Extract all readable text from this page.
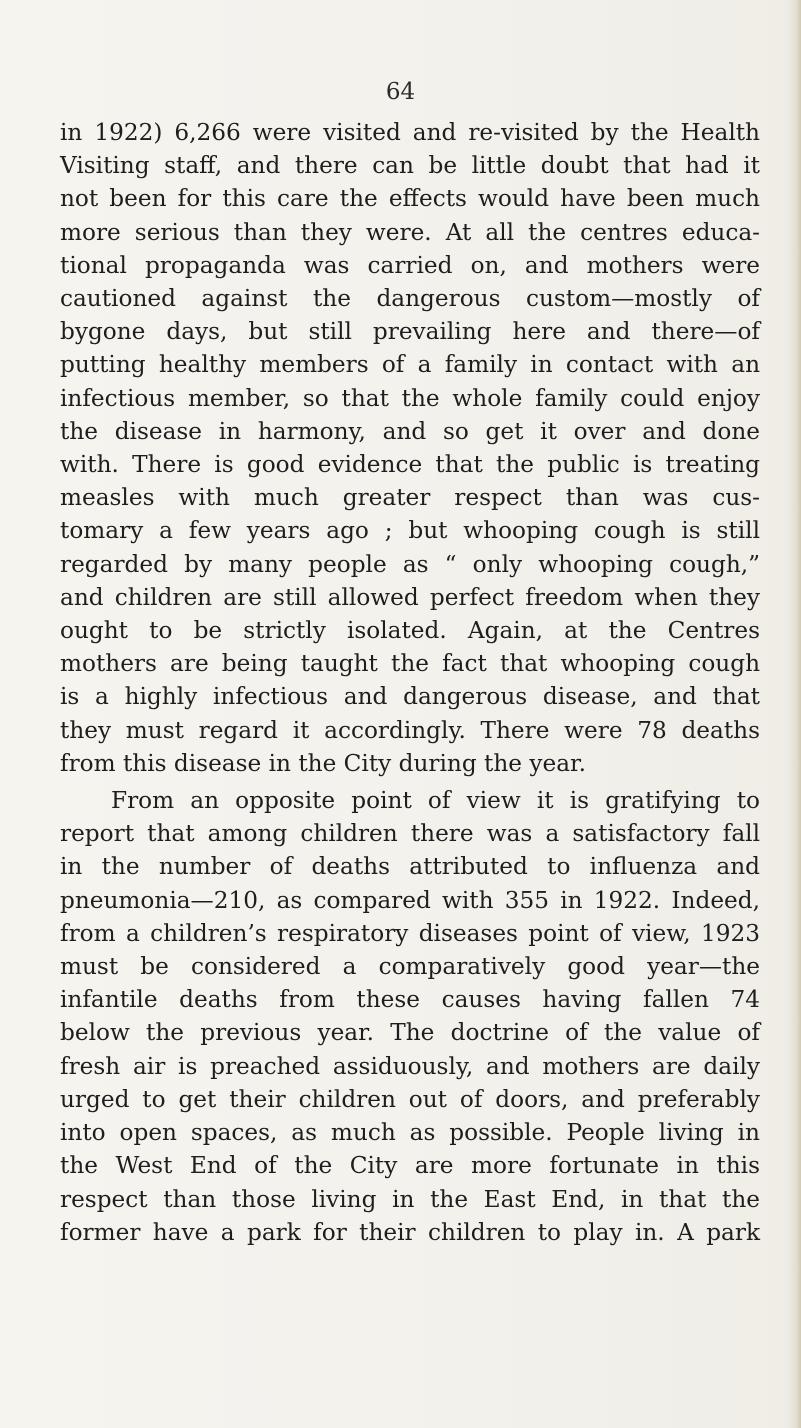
64

in 1922) 6,266 were visited and re-visited by the Health
Visiting staff, and there can be little doubt that had it
not been for this care the effects would have been much
more serious than they were. At all the centres educa-
tional propaganda was carried on, and mothers were
cautioned against the dangerous custom—mostly of
bygone days, but still prevailing here and there—of
putting healthy members of a family in contact with an
infectious member, so that the whole family could enjoy
the disease in harmony, and so get it over and done
with. There is good evidence that the public is treating
measles with much greater respect than was cus-
tomary a few years ago ; but whooping cough is still
regarded by many people as “ only whooping cough,”
and children are still allowed perfect freedom when they
ought to be strictly isolated. Again, at the Centres
mothers are being taught the fact that whooping cough
is a highly infectious and dangerous disease, and that
they must regard it accordingly. There were 78 deaths
from this disease in the City during the year.
From an opposite point of view it is gratifying to
report that among children there was a satisfactory fall
in the number of deaths attributed to influenza and
pneumonia—210, as compared with 355 in 1922. Indeed,
from a children’s respiratory diseases point of view, 1923
must be considered a comparatively good year—the
infantile deaths from these causes having fallen 74
below the previous year. The doctrine of the value of
fresh air is preached assiduously, and mothers are daily
urged to get their children out of doors, and preferably
into open spaces, as much as possible. People living in
the West End of the City are more fortunate in this
respect than those living in the East End, in that the
former have a park for their children to play in. A park
